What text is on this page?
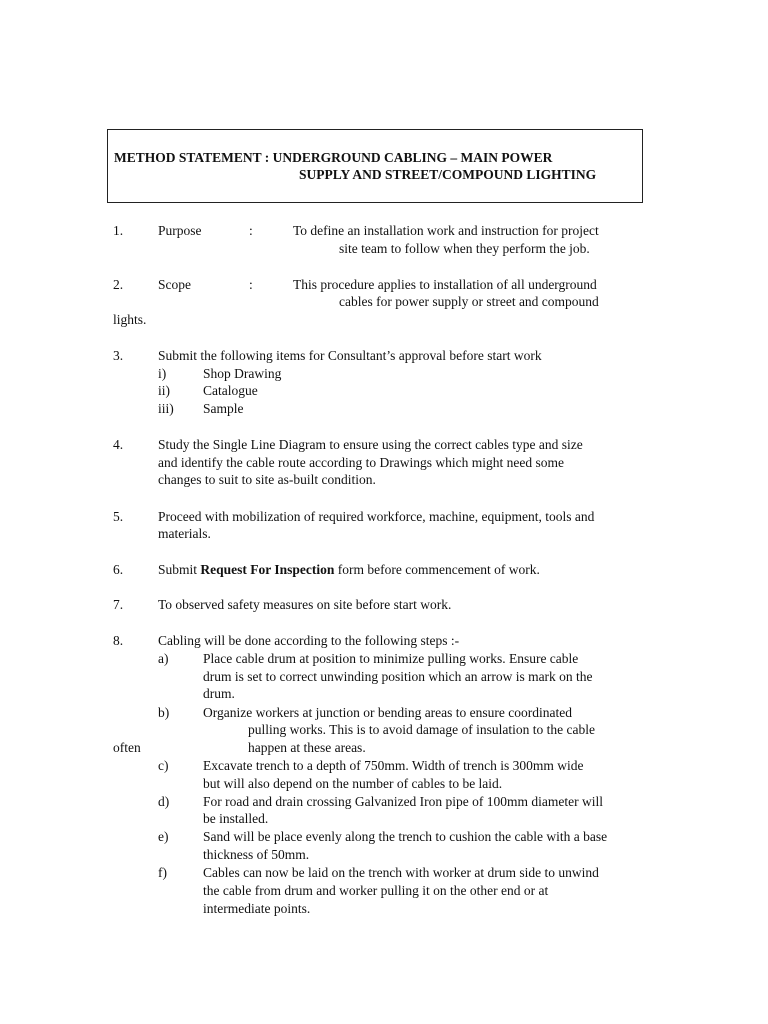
METHOD STATEMENT : UNDERGROUND CABLING – MAIN POWER
SUPPLY AND STREET/COMPOUND LIGHTING
1.	Purpose	:	To define an installation work and instruction for project
site team to follow when they perform the job.
2.	Scope	:	This procedure applies to installation of all underground
cables for power supply or street and compound
lights.
3.	Submit the following items for Consultant’s approval before start work
i)	Shop Drawing
ii) Catalogue
iii) Sample
4.	Study the Single Line Diagram to ensure using the correct cables type and size
and identify the cable route according to Drawings which might need some
changes to suit to site as-built condition.
5.	Proceed with mobilization of required workforce, machine, equipment, tools and
materials.
6.	Submit Request For Inspection form before commencement of work.
7.	To observed safety measures on site before start work.
8.	Cabling will be done according to the following steps :-
a)	Place cable drum at position to minimize pulling works. Ensure cable
drum is set to correct unwinding position which an arrow is mark on the
drum.
b)	Organize workers at junction or bending areas to ensure coordinated
pulling works. This is to avoid damage of insulation to the cable
often	happen at these areas.
c)	Excavate trench to a depth of 750mm. Width of trench is 300mm wide
but will also depend on the number of cables to be laid.
d)	For road and drain crossing Galvanized Iron pipe of 100mm diameter will
be installed.
e)	Sand will be place evenly along the trench to cushion the cable with a base
thickness of 50mm.
f)	Cables can now be laid on the trench with worker at drum side to unwind
the cable from drum and worker pulling it on the other end or at
intermediate points.
